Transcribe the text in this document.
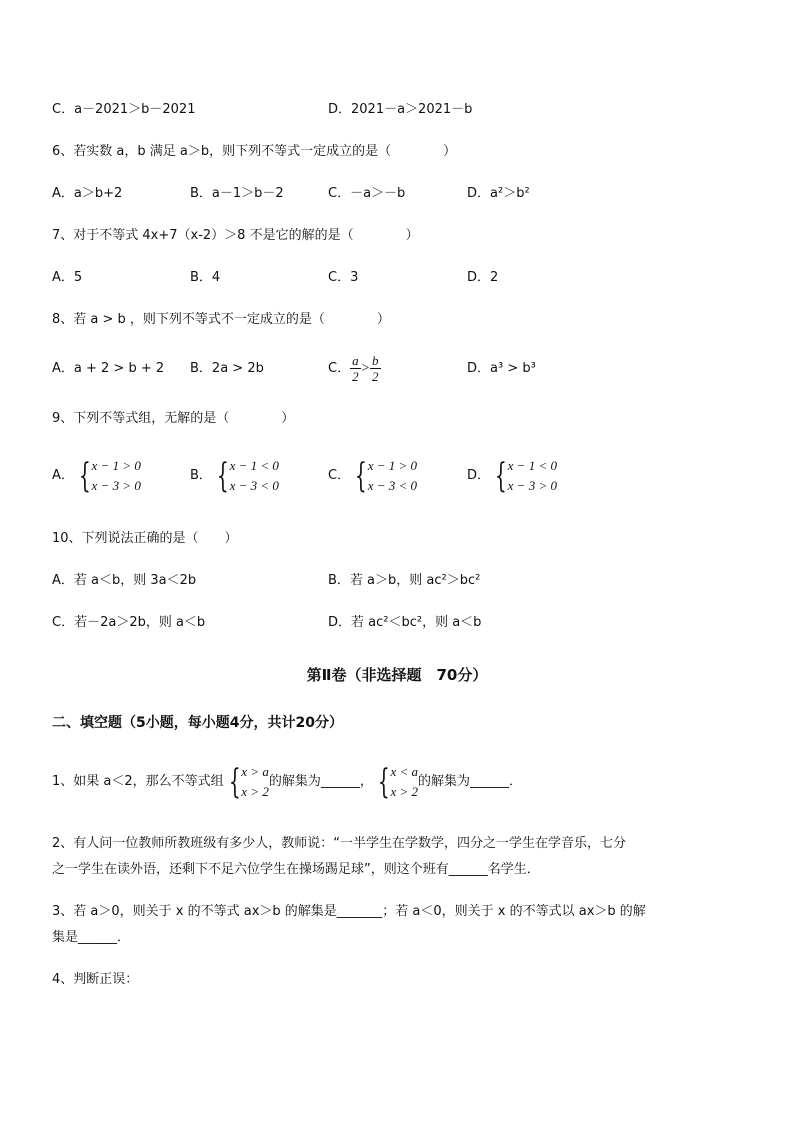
C．a－2021＞b－2021	D．2021－a＞2021－b
6、若实数 a，b 满足 a＞b，则下列不等式一定成立的是（　　　　）
A．a＞b+2	B．a－1＞b－2	C．－a＞－b	D．a²＞b²
7、对于不等式 4x+7（x-2）＞8 不是它的解的是（　　　　）
A．5	B．4	C．3	D．2
8、若 a > b ，则下列不等式不一定成立的是（　　　　）
A．a + 2 > b + 2 B．2a > 2b	C． $\frac{a}{2} > \frac{b}{2}$	D．a³ > b³
9、下列不等式组，无解的是（　　　　）
A． { x − 1 > 0
x − 3 > 0
B． { x − 1 < 0
x − 3 < 0
C． { x − 1 > 0
x − 3 < 0
D． { x − 1 < 0
x − 3 > 0
10、下列说法正确的是（　　）
A．若 a＜b，则 3a＜2b	B．若 a＞b，则 ac²＞bc²
C．若－2a＞2b，则 a＜b	D．若 ac²＜bc²，则 a＜b
第Ⅱ卷（非选择题　70分）
二、填空题（5小题，每小题4分，共计20分）
1、如果 a＜2，那么不等式组 { x > a
x > 2
的解集为______， { x < a
x > 2
的解集为______．
2、有人问一位教师所教班级有多少人，教师说：“一半学生在学数学，四分之一学生在学音乐，七分
之一学生在读外语，还剩下不足六位学生在操场踢足球”，则这个班有______名学生．
3、若 a＞0，则关于 x 的不等式 ax＞b 的解集是_______；若 a＜0，则关于 x 的不等式以 ax＞b 的解
集是______．
4、判断正误：
